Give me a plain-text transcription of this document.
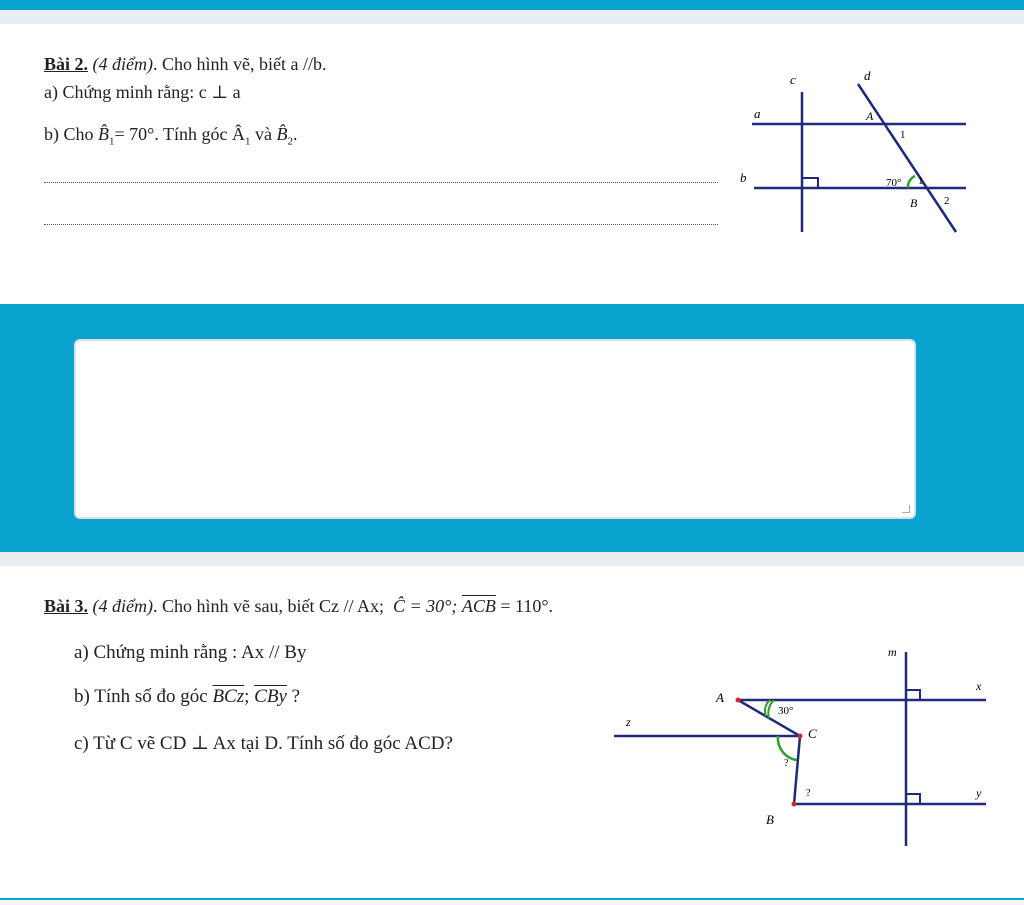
Bài 2. (4 điểm). Cho hình vẽ, biết a //b.
a) Chứng minh rằng: c ⊥ a
b) Cho $B̂_1= 70^\circ$. Tính góc $Â_1$ và $B̂_2$.
c	d
a
b
A
1
70° 1
B 2
Bài 3. (4 điểm). Cho hình vẽ sau, biết Cz // Ax; Ĉ = 30°; $\overline{ACB} = 110^\circ$.
a) Chứng minh rằng : Ax // By
b) Tính số đo góc $\overline{BCz}$; $\overline{CBy}$ ?
c) Từ C vẽ CD ⊥ Ax tại D. Tính số đo góc ACD?
m
x
A
30°
z
C
?
?	y
B
